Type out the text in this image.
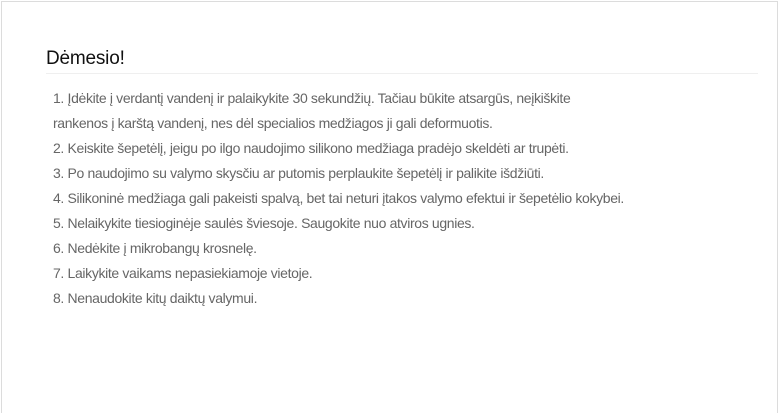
Dėmesio!
1. Įdėkite į verdantį vandenį ir palaikykite 30 sekundžių. Tačiau būkite atsargūs, neįkiškite
rankenos į karštą vandenį, nes dėl specialios medžiagos ji gali deformuotis.
2. Keiskite šepetėlį, jeigu po ilgo naudojimo silikono medžiaga pradėjo skeldėti ar trupėti.
3. Po naudojimo su valymo skysčiu ar putomis perplaukite šepetėlį ir palikite išdžiūti.
4. Silikoninė medžiaga gali pakeisti spalvą, bet tai neturi įtakos valymo efektui ir šepetėlio kokybei.
5. Nelaikykite tiesioginėje saulės šviesoje. Saugokite nuo atviros ugnies.
6. Nedėkite į mikrobangų krosnelę.
7. Laikykite vaikams nepasiekiamoje vietoje.
8. Nenaudokite kitų daiktų valymui.
